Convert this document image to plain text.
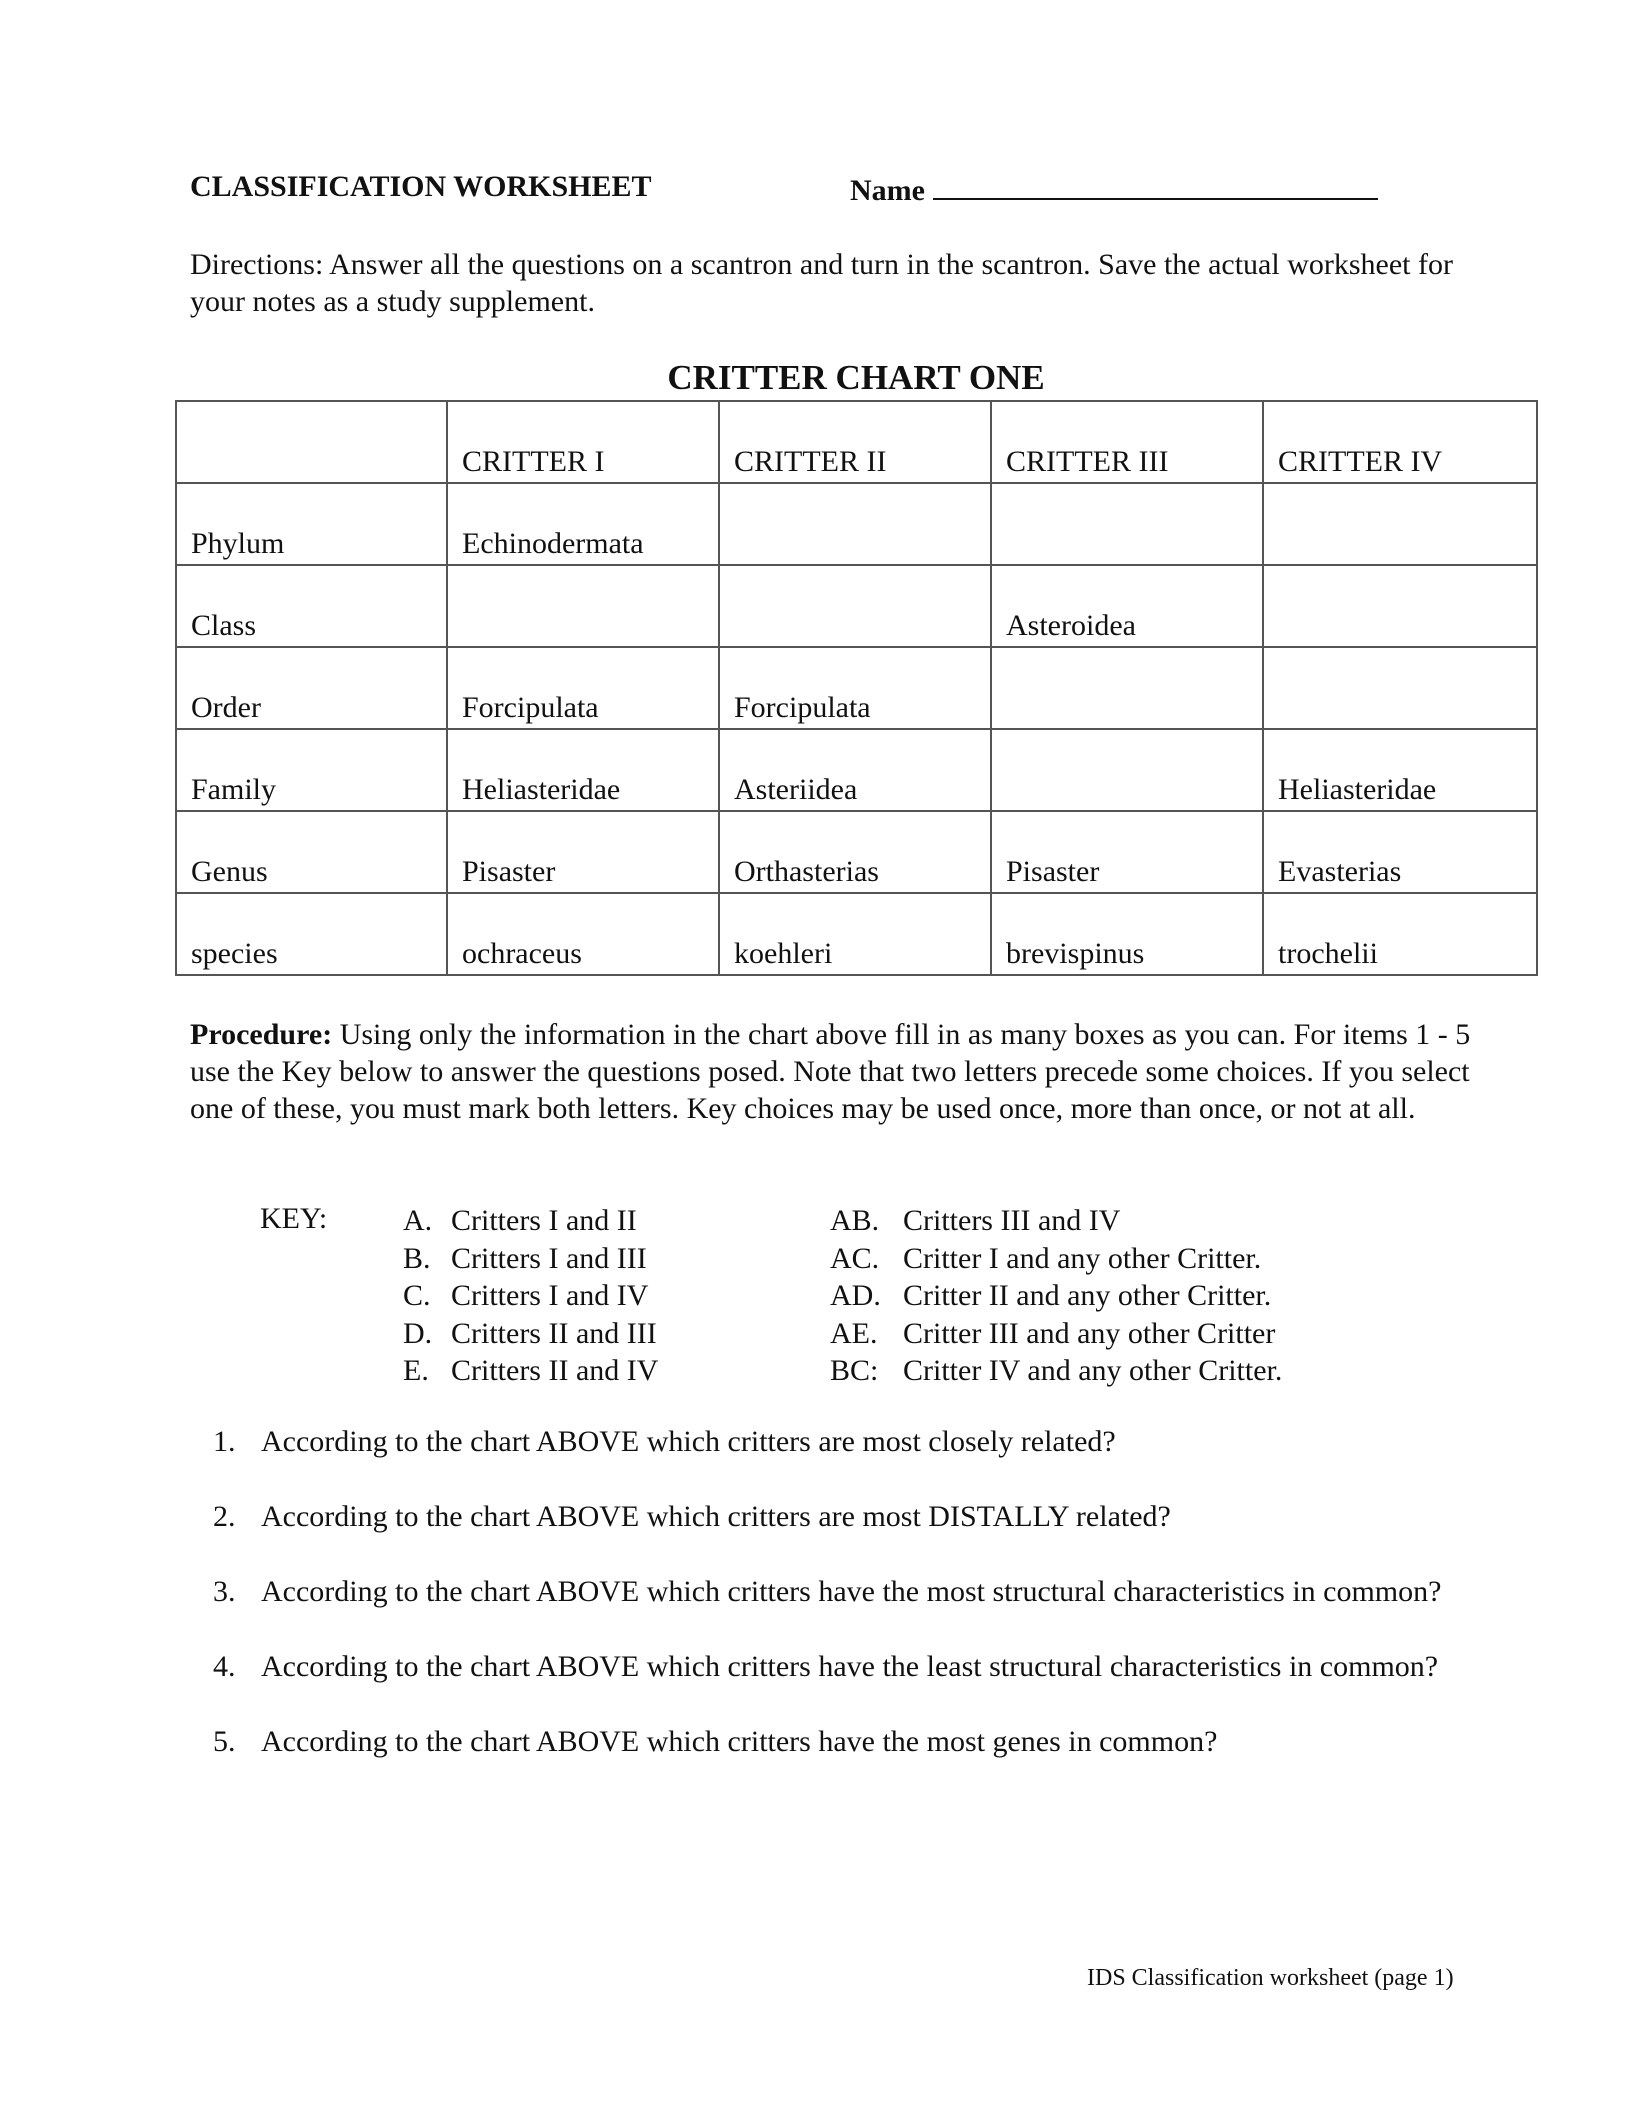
CLASSIFICATION WORKSHEET	Name
Directions: Answer all the questions on a scantron and turn in the scantron. Save the actual worksheet for your notes as a study supplement.
CRITTER CHART ONE
	CRITTER I	CRITTER II	CRITTER III	CRITTER IV
Phylum	Echinodermata			
Class			Asteroidea	
Order	Forcipulata	Forcipulata		
Family	Heliasteridae	Asteriidea		Heliasteridae
Genus	Pisaster	Orthasterias	Pisaster	Evasterias
species	ochraceus	koehleri	brevispinus	trochelii
Procedure: Using only the information in the chart above fill in as many boxes as you can. For items 1 - 5 use the Key below to answer the questions posed. Note that two letters precede some choices. If you select one of these, you must mark both letters. Key choices may be used once, more than once, or not at all.
KEY:	A. Critters I and II
B. Critters I and III
C. Critters I and IV
D. Critters II and III
E. Critters II and IV
AB. Critters III and IV
AC. Critter I and any other Critter.
AD. Critter II and any other Critter.
AE. Critter III and any other Critter
BC: Critter IV and any other Critter.
1. According to the chart ABOVE which critters are most closely related?
2. According to the chart ABOVE which critters are most DISTALLY related?
3. According to the chart ABOVE which critters have the most structural characteristics in common?
4. According to the chart ABOVE which critters have the least structural characteristics in common?
5. According to the chart ABOVE which critters have the most genes in common?
IDS Classification worksheet (page 1)
